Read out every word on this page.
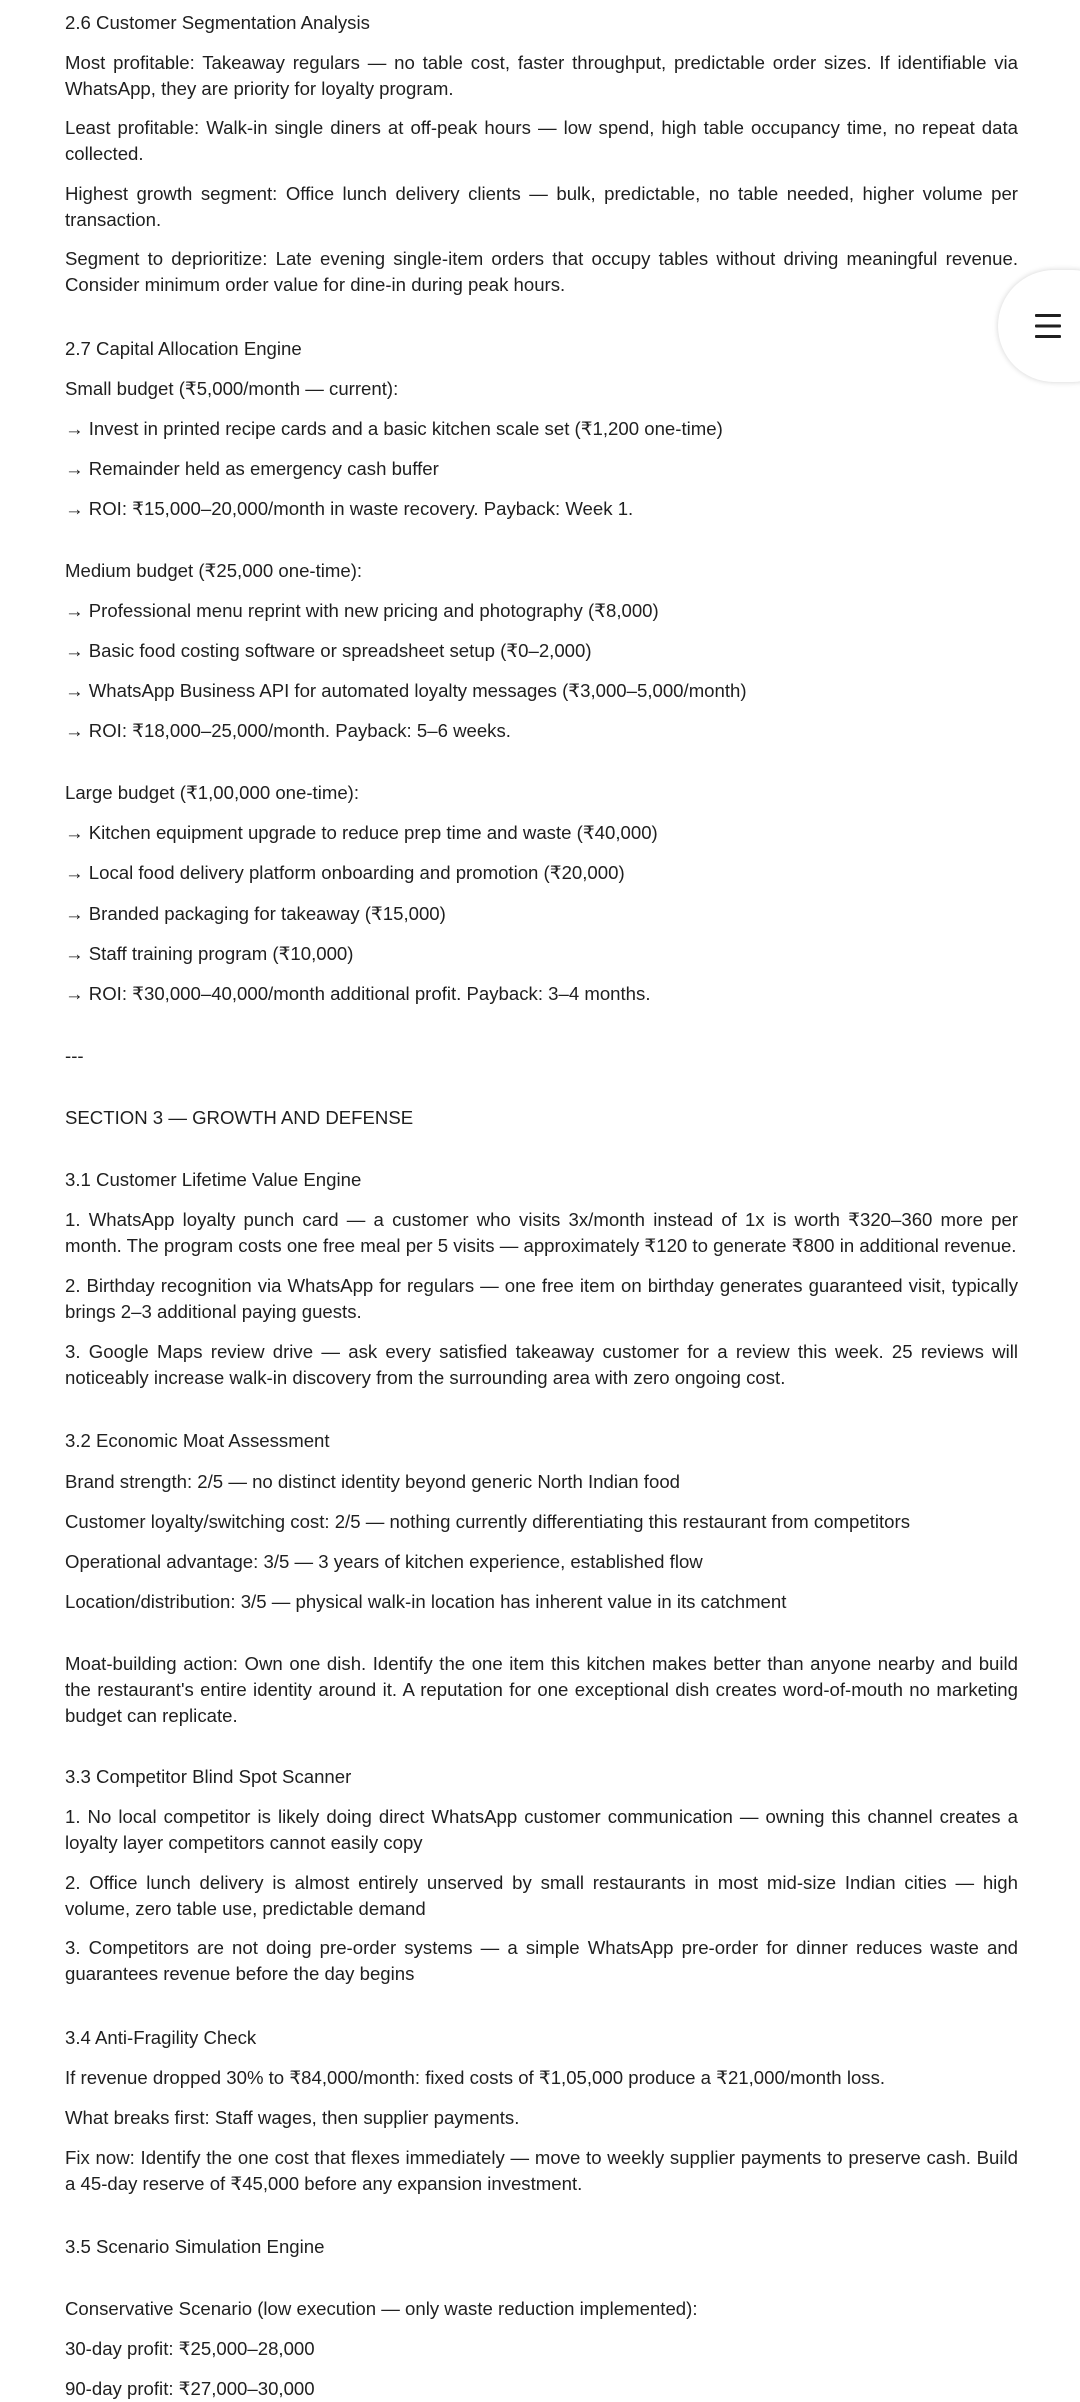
2.6 Customer Segmentation Analysis
Most profitable: Takeaway regulars — no table cost, faster throughput, predictable order sizes. If identifiable via WhatsApp, they are priority for loyalty program.
Least profitable: Walk-in single diners at off-peak hours — low spend, high table occupancy time, no repeat data collected.
Highest growth segment: Office lunch delivery clients — bulk, predictable, no table needed, higher volume per transaction.
Segment to deprioritize: Late evening single-item orders that occupy tables without driving meaningful revenue. Consider minimum order value for dine-in during peak hours.
2.7 Capital Allocation Engine
Small budget (₹5,000/month — current):
→ Invest in printed recipe cards and a basic kitchen scale set (₹1,200 one-time)
→ Remainder held as emergency cash buffer
→ ROI: ₹15,000–20,000/month in waste recovery. Payback: Week 1.
Medium budget (₹25,000 one-time):
→ Professional menu reprint with new pricing and photography (₹8,000)
→ Basic food costing software or spreadsheet setup (₹0–2,000)
→ WhatsApp Business API for automated loyalty messages (₹3,000–5,000/month)
→ ROI: ₹18,000–25,000/month. Payback: 5–6 weeks.
Large budget (₹1,00,000 one-time):
→ Kitchen equipment upgrade to reduce prep time and waste (₹40,000)
→ Local food delivery platform onboarding and promotion (₹20,000)
→ Branded packaging for takeaway (₹15,000)
→ Staff training program (₹10,000)
→ ROI: ₹30,000–40,000/month additional profit. Payback: 3–4 months.
---
SECTION 3 — GROWTH AND DEFENSE
3.1 Customer Lifetime Value Engine
1. WhatsApp loyalty punch card — a customer who visits 3x/month instead of 1x is worth ₹320–360 more per month. The program costs one free meal per 5 visits — approximately ₹120 to generate ₹800 in additional revenue.
2. Birthday recognition via WhatsApp for regulars — one free item on birthday generates guaranteed visit, typically brings 2–3 additional paying guests.
3. Google Maps review drive — ask every satisfied takeaway customer for a review this week. 25 reviews will noticeably increase walk-in discovery from the surrounding area with zero ongoing cost.
3.2 Economic Moat Assessment
Brand strength: 2/5 — no distinct identity beyond generic North Indian food
Customer loyalty/switching cost: 2/5 — nothing currently differentiating this restaurant from competitors
Operational advantage: 3/5 — 3 years of kitchen experience, established flow
Location/distribution: 3/5 — physical walk-in location has inherent value in its catchment
Moat-building action: Own one dish. Identify the one item this kitchen makes better than anyone nearby and build the restaurant's entire identity around it. A reputation for one exceptional dish creates word-of-mouth no marketing budget can replicate.
3.3 Competitor Blind Spot Scanner
1. No local competitor is likely doing direct WhatsApp customer communication — owning this channel creates a loyalty layer competitors cannot easily copy
2. Office lunch delivery is almost entirely unserved by small restaurants in most mid-size Indian cities — high volume, zero table use, predictable demand
3. Competitors are not doing pre-order systems — a simple WhatsApp pre-order for dinner reduces waste and guarantees revenue before the day begins
3.4 Anti-Fragility Check
If revenue dropped 30% to ₹84,000/month: fixed costs of ₹1,05,000 produce a ₹21,000/month loss.
What breaks first: Staff wages, then supplier payments.
Fix now: Identify the one cost that flexes immediately — move to weekly supplier payments to preserve cash. Build a 45-day reserve of ₹45,000 before any expansion investment.
3.5 Scenario Simulation Engine
Conservative Scenario (low execution — only waste reduction implemented):
30-day profit: ₹25,000–28,000
90-day profit: ₹27,000–30,000
